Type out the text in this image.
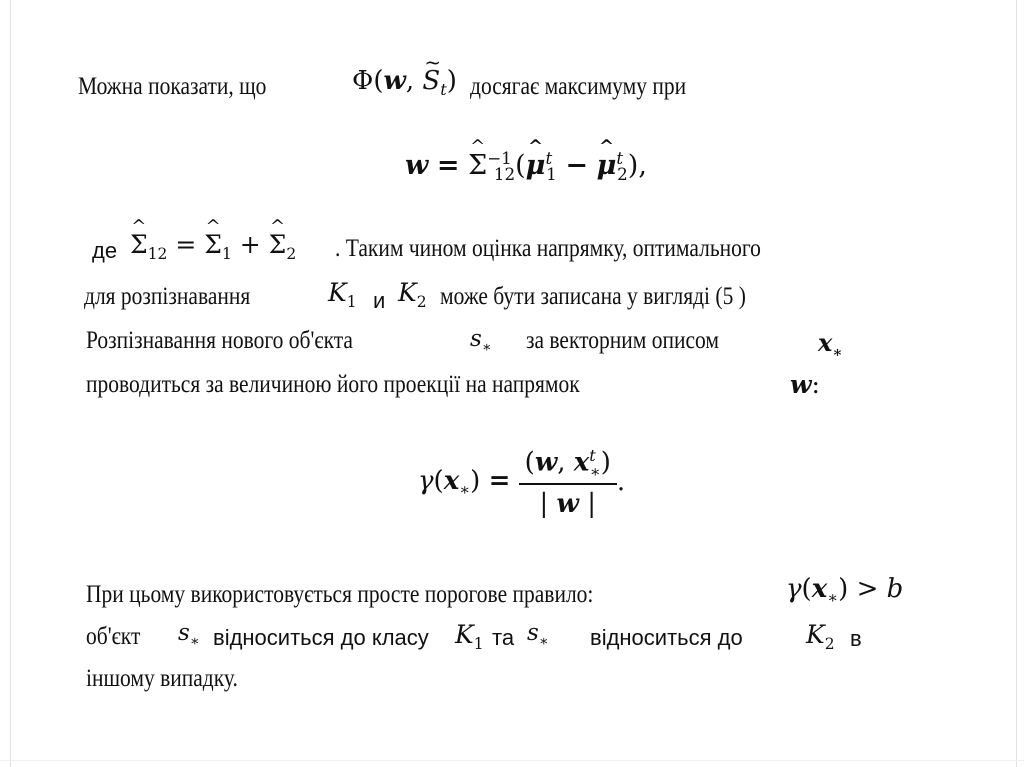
Можна показати, що	Φ(w, ~ $S_t$) досягає максимуму при
w = ^ $\Sigma^{-1}_{12}(\^{}$ $\mu^t_1$ − ^ $\mu^t_2$),
де ^ $\Sigma_{12}$ = ^ $\Sigma_1$ + ^ $\Sigma_2$ . Таким чином оцінка напрямку, оптимального
для розпізнавання	$K_1$ и $K_2$ може бути записана у вигляді (5 )
Розпізнавання нового об'єкта	$s_∗$ за векторним описом	$x_∗$
проводиться за величиною його проекції на напрямок	w:
$\gamma(x_∗) = \frac{(w, x^t_∗)}{| w |}$ .
При цьому використовується просте порогове правило:	$\gamma(x_∗) > b$
об'єкт	$s_∗$ відноситься до класу $K_1$ та $s_∗$ відноситься до	$K_2$ в
іншому випадку.
